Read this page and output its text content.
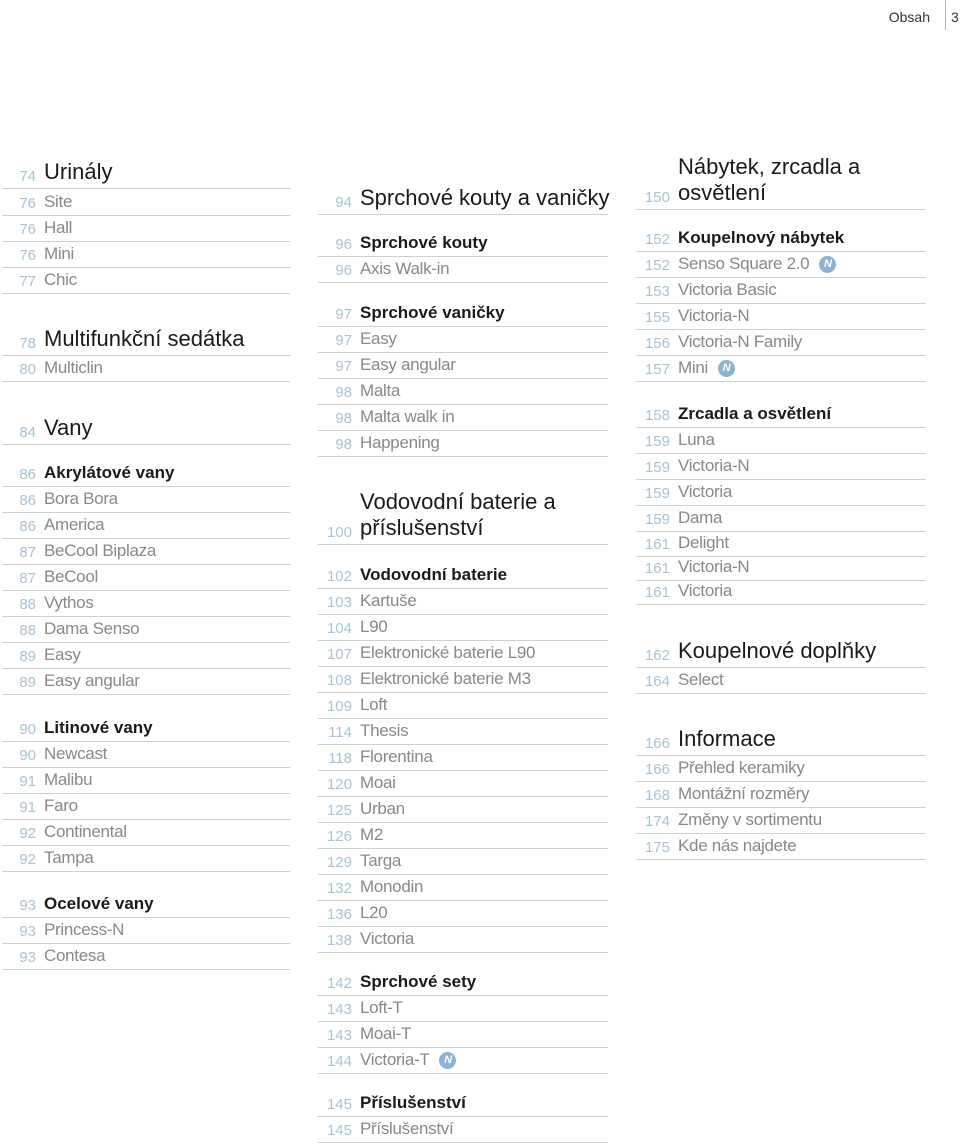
Obsah 3
74 Urinály
76 Site
76 Hall
76 Mini
77 Chic
78 Multifunkční sedátka
80 Multiclin
84 Vany
86 Akrylátové vany
86 Bora Bora
86 America
87 BeCool Biplaza
87 BeCool
88 Vythos
88 Dama Senso
89 Easy
89 Easy angular
90 Litinové vany
90 Newcast
91 Malibu
91 Faro
92 Continental
92 Tampa
93 Ocelové vany
93 Princess-N
93 Contesa
94 Sprchové kouty a vaničky
96 Sprchové kouty
96 Axis Walk-in
97 Sprchové vaničky
97 Easy
97 Easy angular
98 Malta
98 Malta walk in
98 Happening
100
Vodovodní baterie a příslušenství
102 Vodovodní baterie
103 Kartuše
104 L90
107 Elektronické baterie L90
108 Elektronické baterie M3
109 Loft
114 Thesis
118 Florentina
120 Moai
125 Urban
126 M2
129 Targa
132 Monodin
136 L20
138 Victoria
142 Sprchové sety
143 Loft-T
143 Moai-T
144 Victoria-T N
145 Příslušenství
145 Příslušenství
150
Nábytek, zrcadla a osvětlení
152 Koupelnový nábytek
152 Senso Square 2.0 N
153 Victoria Basic
155 Victoria-N
156 Victoria-N Family
157 Mini N
158 Zrcadla a osvětlení
159 Luna
159 Victoria-N
159 Victoria
159 Dama
161 Delight
161 Victoria-N
161 Victoria
162 Koupelnové doplňky
164 Select
166 Informace
166 Přehled keramiky
168 Montážní rozměry
174 Změny v sortimentu
175 Kde nás najdete
